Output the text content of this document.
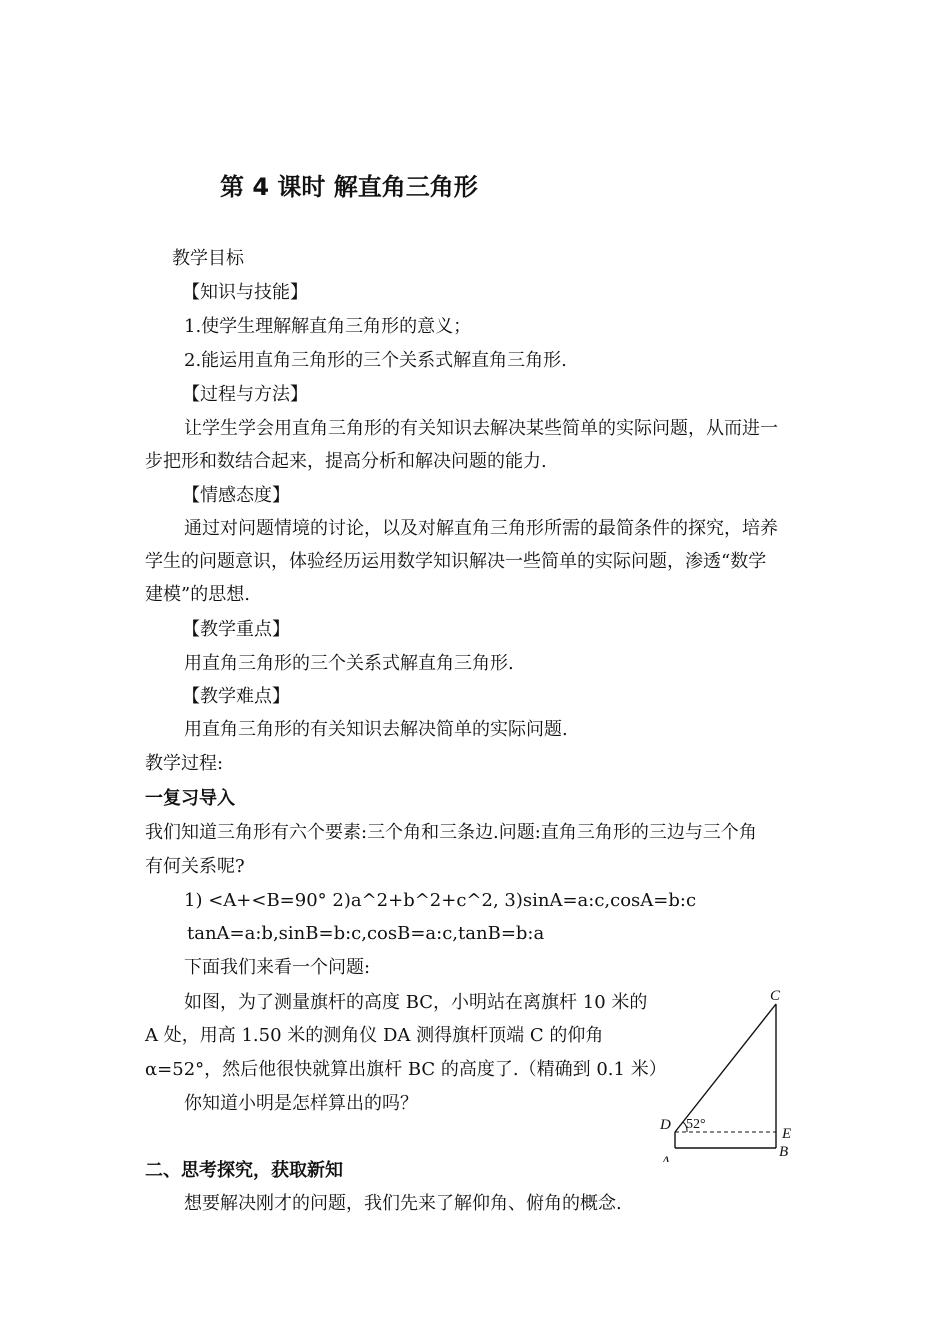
第 4 课时 解直角三角形
教学目标
【知识与技能】
1.使学生理解解直角三角形的意义；
2.能运用直角三角形的三个关系式解直角三角形.
【过程与方法】
让学生学会用直角三角形的有关知识去解决某些简单的实际问题，从而进一
步把形和数结合起来，提高分析和解决问题的能力.
【情感态度】
通过对问题情境的讨论，以及对解直角三角形所需的最简条件的探究，培养
学生的问题意识，体验经历运用数学知识解决一些简单的实际问题，渗透“数学
建模”的思想.
【教学重点】
用直角三角形的三个关系式解直角三角形.
【教学难点】
用直角三角形的有关知识去解决简单的实际问题.
教学过程:
一复习导入
我们知道三角形有六个要素:三个角和三条边.问题:直角三角形的三边与三个角
有何关系呢?
1) <A+<B=90° 2)a^2+b^2+c^2, 3)sinA=a:c,cosA=b:c
tanA=a:b,sinB=b:c,cosB=a:c,tanB=b:a
下面我们来看一个问题:
如图，为了测量旗杆的高度 BC，小明站在离旗杆 10 米的
A 处，用高 1.50 米的测角仪 DA 测得旗杆顶端 C 的仰角
α=52°，然后他很快就算出旗杆 BC 的高度了.（精确到 0.1 米）
你知道小明是怎样算出的吗？
二、思考探究，获取新知
想要解决刚才的问题，我们先来了解仰角、俯角的概念.
C
D
E
A
B
52°
